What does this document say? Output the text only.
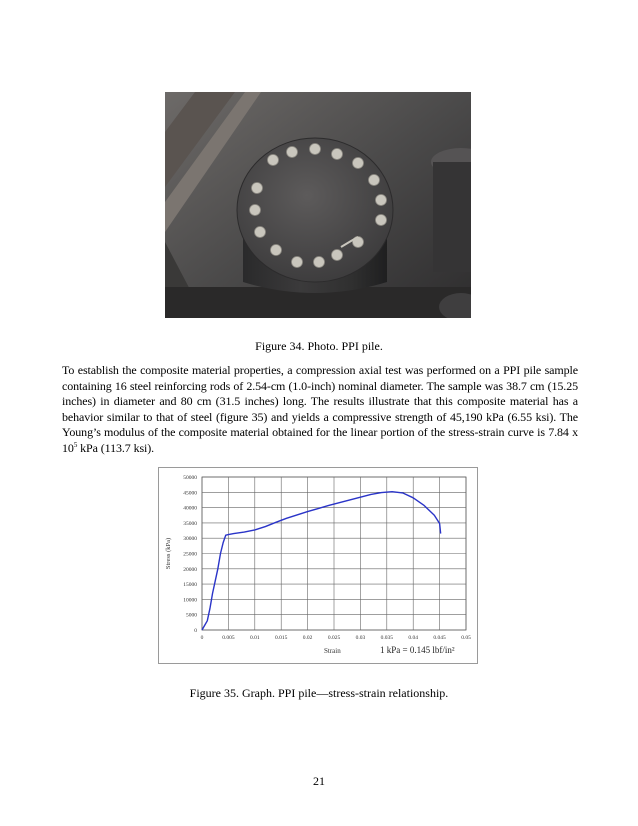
Figure 34. Photo. PPI pile.
To establish the composite material properties, a compression axial test was performed on a PPI pile sample containing 16 steel reinforcing rods of 2.54-cm (1.0-inch) nominal diameter. The sample was 38.7 cm (15.25 inches) in diameter and 80 cm (31.5 inches) long. The results illustrate that this composite material has a behavior similar to that of steel (figure 35) and yields a compressive strength of 45,190 kPa (6.55 ksi). The Young’s modulus of the composite material obtained for the linear portion of the stress-strain curve is 7.84 x $10^5$ kPa (113.7 ksi).
0	0.005	0.01	0.015	0.02	0.025	0.03	0.035	0.04	0.045	0.05
0
5000
10000
15000
20000
25000
30000
35000
40000
45000
50000
Stress (kPa)
Strain	1 kPa = 0.145 lbf/in²
Figure 35. Graph. PPI pile—stress-strain relationship.
21
